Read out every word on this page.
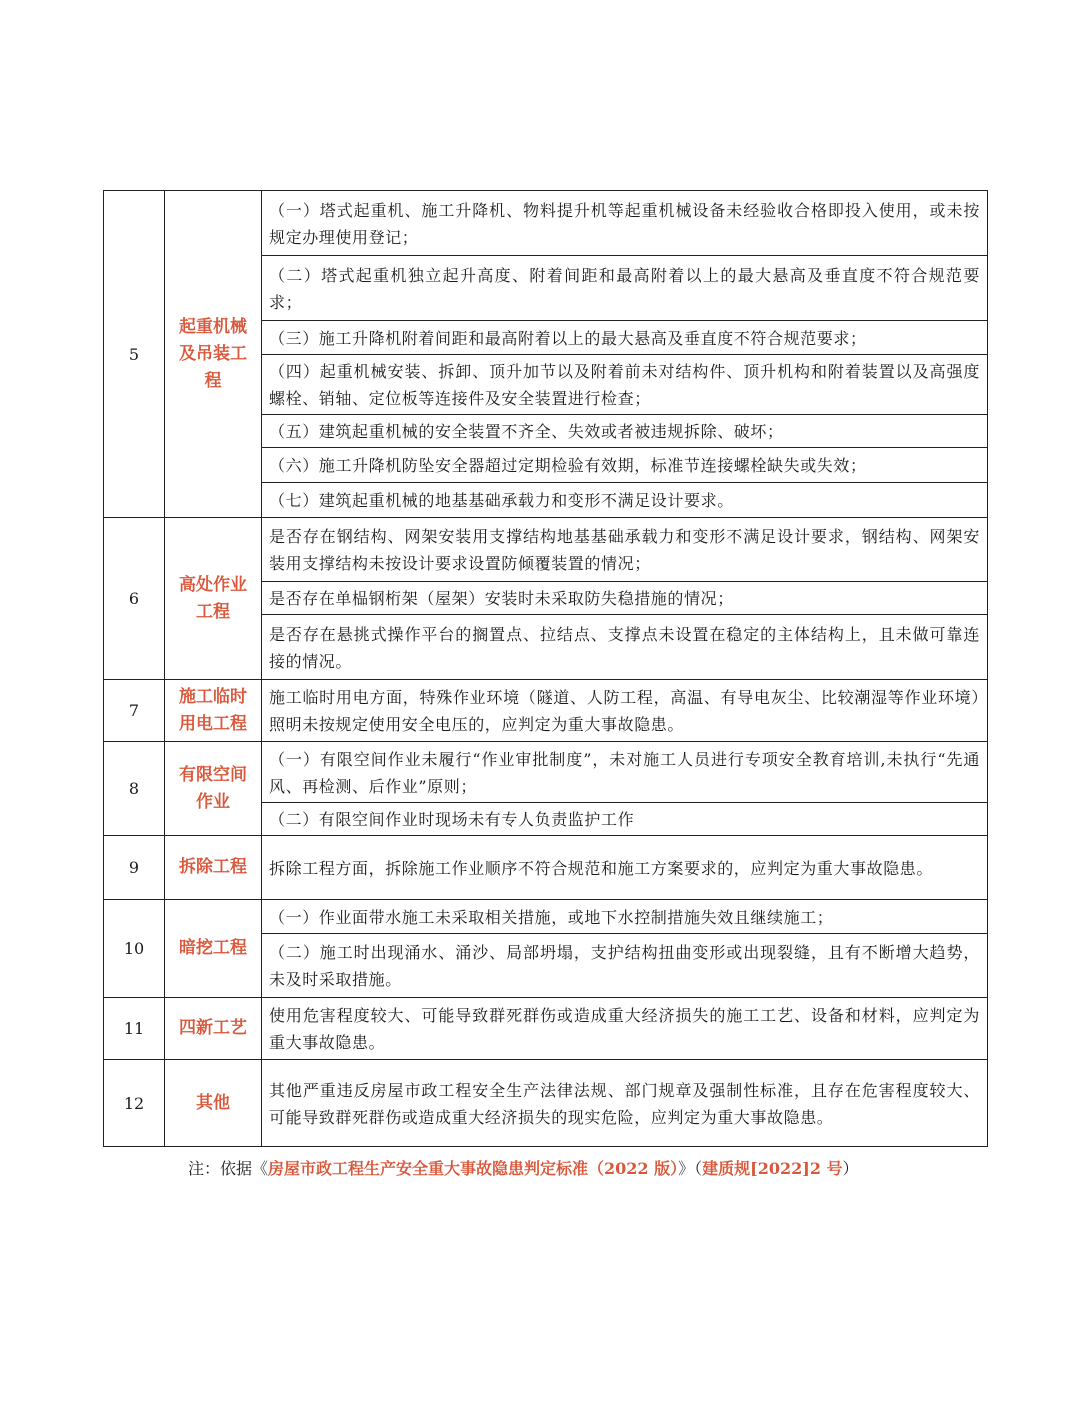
5	起重机械及吊装工程	（一）塔式起重机、施工升降机、物料提升机等起重机械设备未经验收合格即投入使用，或未按规定办理使用登记；
		（二）塔式起重机独立起升高度、附着间距和最高附着以上的最大悬高及垂直度不符合规范要求；
		（三）施工升降机附着间距和最高附着以上的最大悬高及垂直度不符合规范要求；
		（四）起重机械安装、拆卸、顶升加节以及附着前未对结构件、顶升机构和附着装置以及高强度螺栓、销轴、定位板等连接件及安全装置进行检查；
		（五）建筑起重机械的安全装置不齐全、失效或者被违规拆除、破坏；
		（六）施工升降机防坠安全器超过定期检验有效期，标准节连接螺栓缺失或失效；
		（七）建筑起重机械的地基基础承载力和变形不满足设计要求。
6	高处作业工程	是否存在钢结构、网架安装用支撑结构地基基础承载力和变形不满足设计要求，钢结构、网架安装用支撑结构未按设计要求设置防倾覆装置的情况；
		是否存在单榀钢桁架（屋架）安装时未采取防失稳措施的情况；
		是否存在悬挑式操作平台的搁置点、拉结点、支撑点未设置在稳定的主体结构上，且未做可靠连接的情况。
7	施工临时用电工程	施工临时用电方面，特殊作业环境（隧道、人防工程，高温、有导电灰尘、比较潮湿等作业环境）照明未按规定使用安全电压的，应判定为重大事故隐患。
8	有限空间作业	（一）有限空间作业未履行“作业审批制度”，未对施工人员进行专项安全教育培训,未执行“先通风、再检测、后作业”原则；
		（二）有限空间作业时现场未有专人负责监护工作
9	拆除工程	拆除工程方面，拆除施工作业顺序不符合规范和施工方案要求的，应判定为重大事故隐患。
10	暗挖工程	（一）作业面带水施工未采取相关措施，或地下水控制措施失效且继续施工；
		（二）施工时出现涌水、涌沙、局部坍塌，支护结构扭曲变形或出现裂缝，且有不断增大趋势，未及时采取措施。
11	四新工艺	使用危害程度较大、可能导致群死群伤或造成重大经济损失的施工工艺、设备和材料，应判定为重大事故隐患。
12	其他	其他严重违反房屋市政工程安全生产法律法规、部门规章及强制性标准，且存在危害程度较大、可能导致群死群伤或造成重大经济损失的现实危险，应判定为重大事故隐患。
注：依据《房屋市政工程生产安全重大事故隐患判定标准（2022 版）》（建质规[2022]2 号）
